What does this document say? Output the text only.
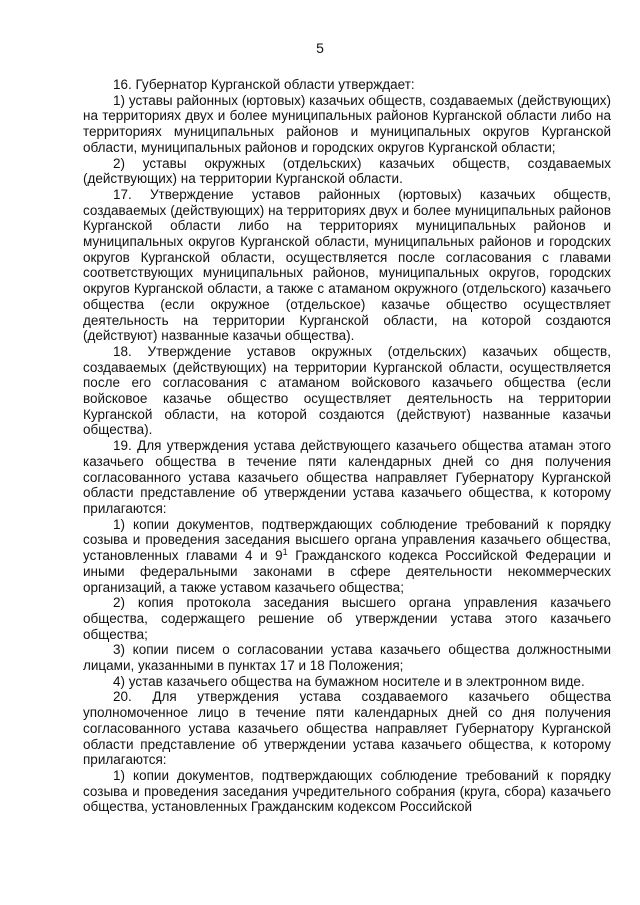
5

16. Губернатор Курганской области утверждает:

1) уставы районных (юртовых) казачьих обществ, создаваемых (действующих) на территориях двух и более муниципальных районов Курганской области либо на территориях муниципальных районов и муниципальных округов Курганской области, муниципальных районов и городских округов Курганской области;

2) уставы окружных (отдельских) казачьих обществ, создаваемых (действующих) на территории Курганской области.

17. Утверждение уставов районных (юртовых) казачьих обществ, создаваемых (действующих) на территориях двух и более муниципальных районов Курганской области либо на территориях муниципальных районов и муниципальных округов Курганской области, муниципальных районов и городских округов Курганской области, осуществляется после согласования с главами соответствующих муниципальных районов, муниципальных округов, городских округов Курганской области, а также с атаманом окружного (отдельского) казачьего общества (если окружное (отдельское) казачье общество осуществляет деятельность на территории Курганской области, на которой создаются (действуют) названные казачьи общества).

18. Утверждение уставов окружных (отдельских) казачьих обществ, создаваемых (действующих) на территории Курганской области, осуществляется после его согласования с атаманом войскового казачьего общества (если войсковое казачье общество осуществляет деятельность на территории Курганской области, на которой создаются (действуют) названные казачьи общества).

19. Для утверждения устава действующего казачьего общества атаман этого казачьего общества в течение пяти календарных дней со дня получения согласованного устава казачьего общества направляет Губернатору Курганской области представление об утверждении устава казачьего общества, к которому прилагаются:

1) копии документов, подтверждающих соблюдение требований к порядку созыва и проведения заседания высшего органа управления казачьего общества, установленных главами 4 и $9^1$ Гражданского кодекса Российской Федерации и иными федеральными законами в сфере деятельности некоммерческих организаций, а также уставом казачьего общества;

2) копия протокола заседания высшего органа управления казачьего общества, содержащего решение об утверждении устава этого казачьего общества;

3) копии писем о согласовании устава казачьего общества должностными лицами, указанными в пунктах 17 и 18 Положения;

4) устав казачьего общества на бумажном носителе и в электронном виде.

20. Для утверждения устава создаваемого казачьего общества уполномоченное лицо в течение пяти календарных дней со дня получения согласованного устава казачьего общества направляет Губернатору Курганской области представление об утверждении устава казачьего общества, к которому прилагаются:

1) копии документов, подтверждающих соблюдение требований к порядку созыва и проведения заседания учредительного собрания (круга, сбора) казачьего общества, установленных Гражданским кодексом Российской
